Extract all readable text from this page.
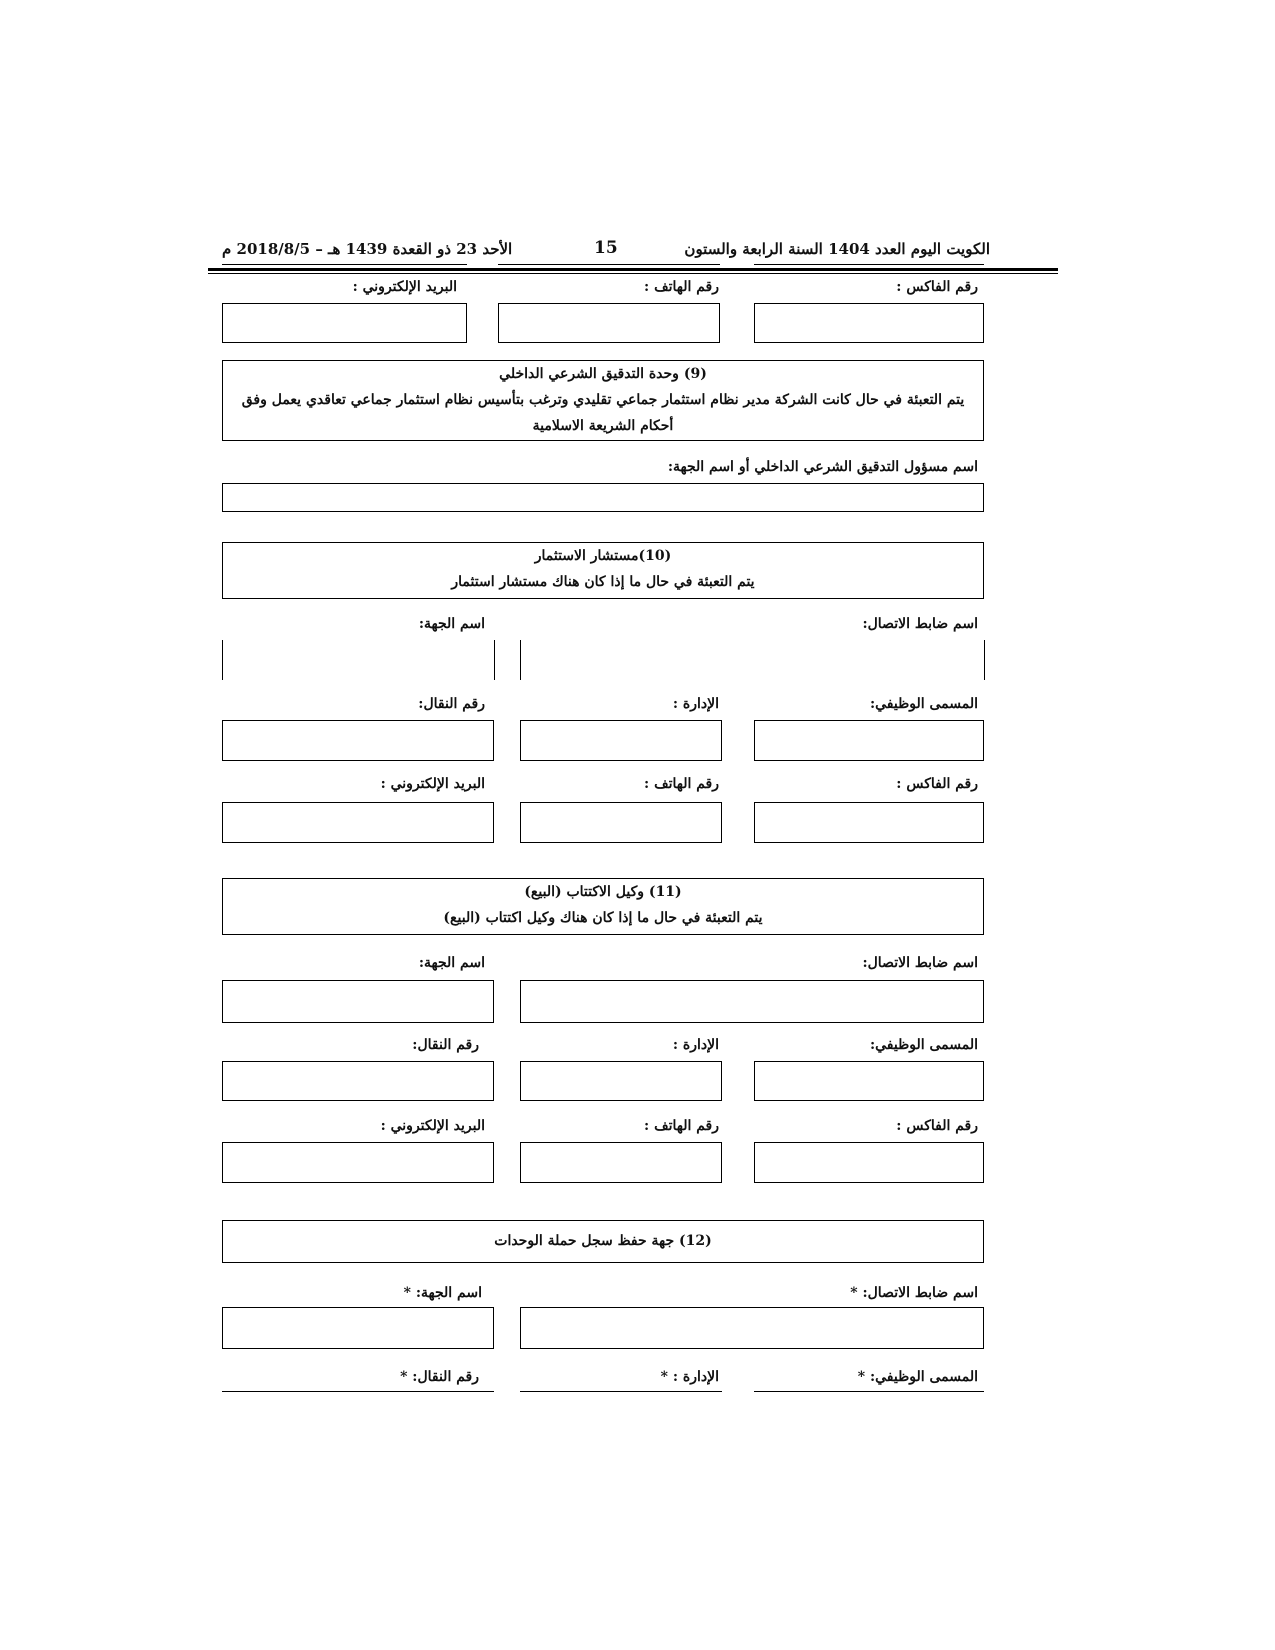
الكويت اليوم العدد 1404 السنة الرابعة والستون
15
الأحد 23 ذو القعدة 1439 هـ – 2018/8/5 م
رقم الفاكس :
رقم الهاتف :
البريد الإلكتروني :
(9) وحدة التدقيق الشرعي الداخلي
يتم التعبئة في حال كانت الشركة مدير نظام استثمار جماعي تقليدي وترغب بتأسيس نظام استثمار جماعي تعاقدي يعمل وفق أحكام الشريعة الاسلامية
اسم مسؤول التدقيق الشرعي الداخلي أو اسم الجهة:
(10)مستشار الاستثمار
يتم التعبئة في حال ما إذا كان هناك مستشار استثمار
اسم ضابط الاتصال:
اسم الجهة:
المسمى الوظيفي:
الإدارة :
رقم النقال:
رقم الفاكس :
رقم الهاتف :
البريد الإلكتروني :
(11) وكيل الاكتتاب (البيع)
يتم التعبئة في حال ما إذا كان هناك وكيل اكتتاب (البيع)
اسم ضابط الاتصال:
اسم الجهة:
المسمى الوظيفي:
الإدارة :
رقم النقال:
رقم الفاكس :
رقم الهاتف :
البريد الإلكتروني :
(12) جهة حفظ سجل حملة الوحدات
اسم ضابط الاتصال: *
اسم الجهة: *
المسمى الوظيفي: *
الإدارة : *
رقم النقال: *
